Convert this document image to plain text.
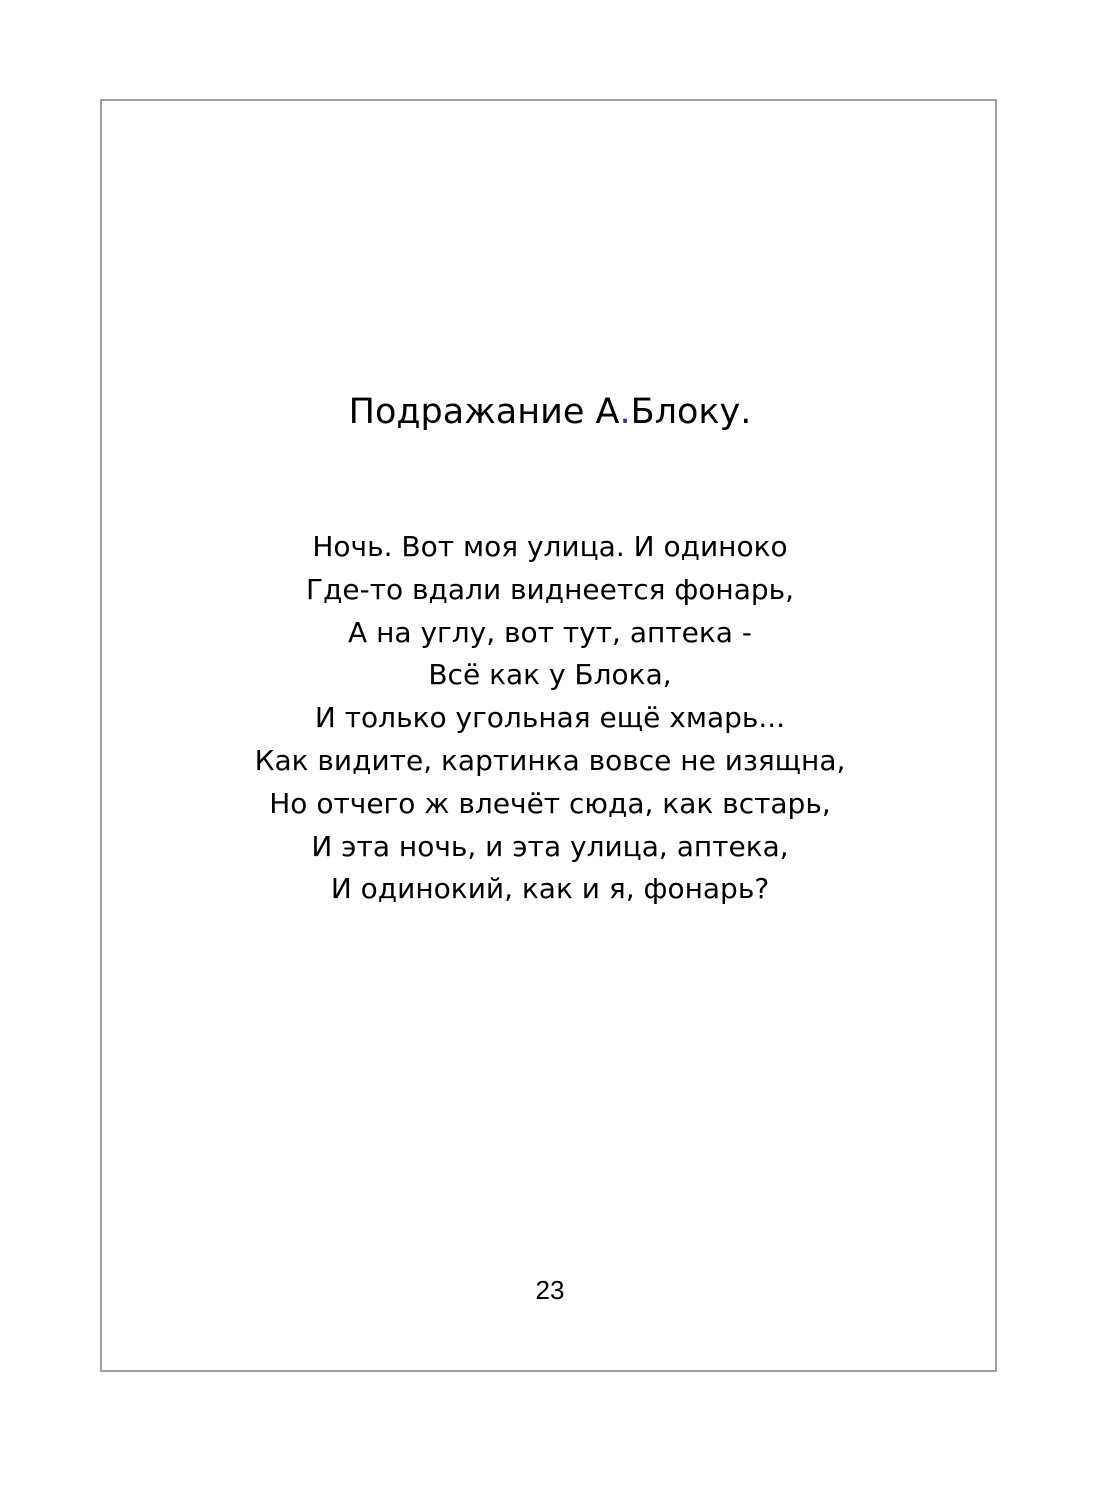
Подражание А.Блоку.
Ночь. Вот моя улица. И одиноко
Где-то вдали виднеется фонарь,
А на углу, вот тут, аптека -
Всё как у Блока,
И только угольная ещё хмарь...
Как видите, картинка вовсе не изящна,
Но отчего ж влечёт сюда, как встарь,
И эта ночь, и эта улица, аптека,
И одинокий, как и я, фонарь?
23
